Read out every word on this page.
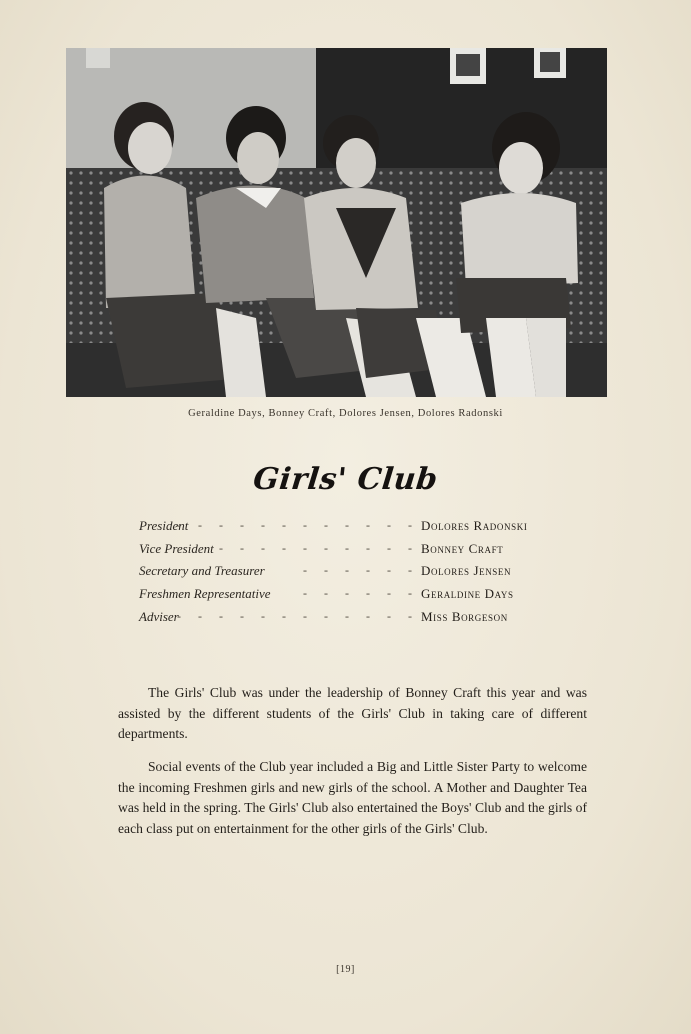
Geraldine Days, Bonney Craft, Dolores Jensen, Dolores Radonski
Girls' Club
President
- - - - - - - - - - - - Dolores Radonski
Vice President - - - - - - - - - - Bonney Craft
Secretary and Treasurer	- - - - - - Dolores Jensen
Freshmen Representative	- - - - - - Geraldine Days
Adviser
- - - - - - - - - - - - Miss Borgeson
The Girls' Club was under the leadership of Bonney Craft this year and was assisted by the different students of the Girls' Club in taking care of different departments.
Social events of the Club year included a Big and Little Sister Party to welcome the incoming Freshmen girls and new girls of the school. A Mother and Daughter Tea was held in the spring. The Girls' Club also entertained the Boys' Club and the girls of each class put on entertainment for the other girls of the Girls' Club.
[19]
